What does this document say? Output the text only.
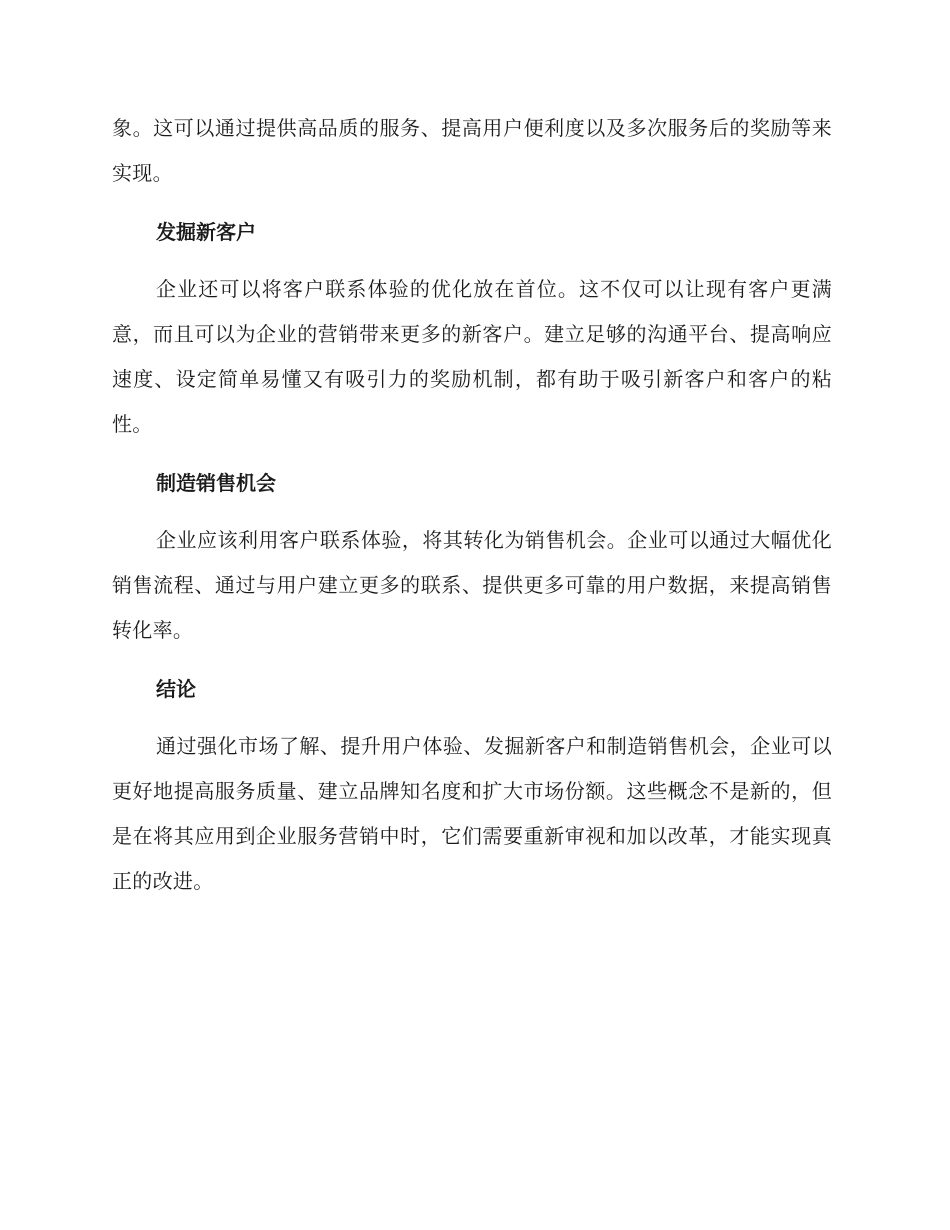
象。这可以通过提供高品质的服务、提高用户便利度以及多次服务后的奖励等来实现。

发掘新客户

企业还可以将客户联系体验的优化放在首位。这不仅可以让现有客户更满意，而且可以为企业的营销带来更多的新客户。建立足够的沟通平台、提高响应速度、设定简单易懂又有吸引力的奖励机制，都有助于吸引新客户和客户的粘性。

制造销售机会

企业应该利用客户联系体验，将其转化为销售机会。企业可以通过大幅优化销售流程、通过与用户建立更多的联系、提供更多可靠的用户数据，来提高销售转化率。

结论

通过强化市场了解、提升用户体验、发掘新客户和制造销售机会，企业可以更好地提高服务质量、建立品牌知名度和扩大市场份额。这些概念不是新的，但是在将其应用到企业服务营销中时，它们需要重新审视和加以改革，才能实现真正的改进。
